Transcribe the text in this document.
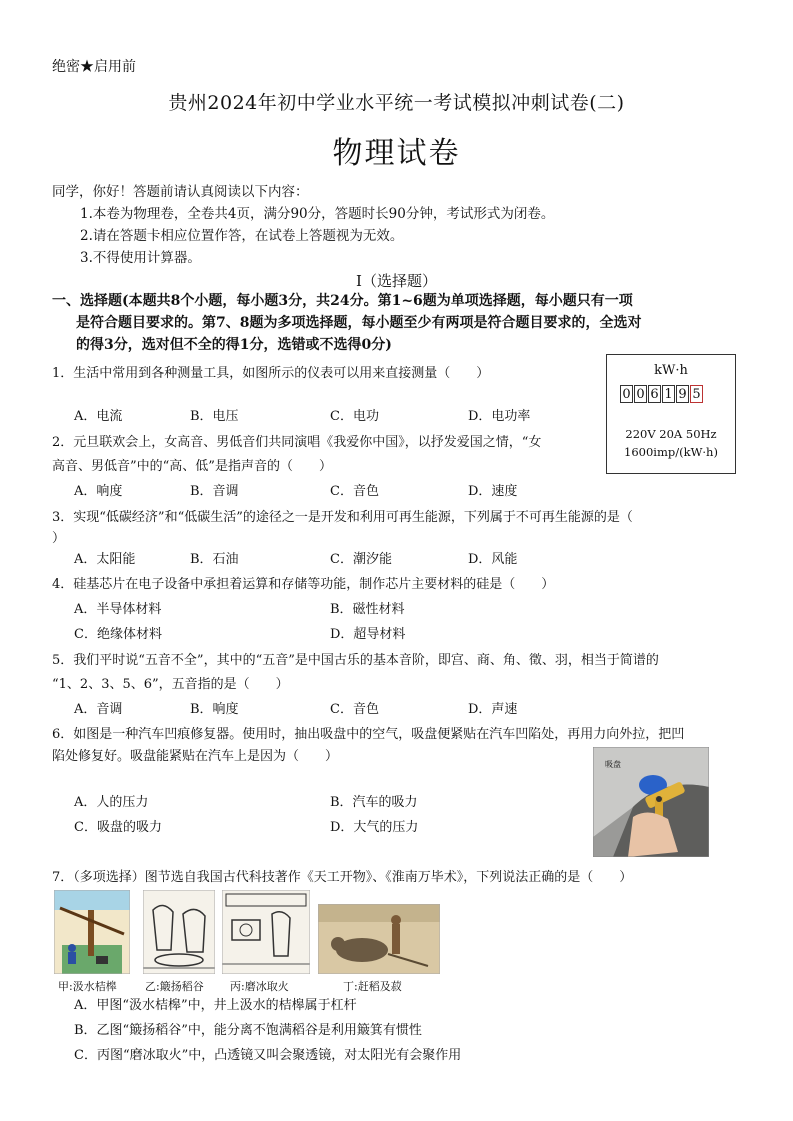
绝密★启用前
贵州2024年初中学业水平统一考试模拟冲刺试卷(二)
物理试卷
同学，你好！答题前请认真阅读以下内容：
1.本卷为物理卷，全卷共4页，满分90分，答题时长90分钟，考试形式为闭卷。
2.请在答题卡相应位置作答，在试卷上答题视为无效。
3.不得使用计算器。
Ⅰ（选择题）
一、选择题(本题共8个小题，每小题3分，共24分。第1~6题为单项选择题，每小题只有一项
是符合题目要求的。第7、8题为多项选择题，每小题至少有两项是符合题目要求的，全选对
的得3分，选对但不全的得1分，选错或不选得0分)
kW·h
0 0 6 1 9 5
220V 20A 50Hz
1600imp/(kW·h)
1．生活中常用到各种测量工具，如图所示的仪表可以用来直接测量（　　）
A．电流	B．电压	C．电功	D．电功率
2．元旦联欢会上，女高音、男低音们共同演唱《我爱你中国》，以抒发爱国之情，“女
高音、男低音”中的“高、低”是指声音的（　　）
A．响度	B．音调	C．音色	D．速度
3．实现“低碳经济”和“低碳生活”的途径之一是开发和利用可再生能源，下列属于不可再生能源的是（
）
A．太阳能	B．石油	C．潮汐能	D．风能
4．硅基芯片在电子设备中承担着运算和存储等功能，制作芯片主要材料的硅是（　　）
A．半导体材料	B．磁性材料
C．绝缘体材料	D．超导材料
5．我们平时说“五音不全”，其中的“五音”是中国古乐的基本音阶，即宫、商、角、徵、羽，相当于简谱的
“1、2、3、5、6”，五音指的是（　　）
A．音调	B．响度	C．音色	D．声速
6．如图是一种汽车凹痕修复器。使用时，抽出吸盘中的空气，吸盘便紧贴在汽车凹陷处，再用力向外拉，把凹
陷处修复好。吸盘能紧贴在汽车上是因为（　　）
A．人的压力	B．汽车的吸力
C．吸盘的吸力	D．大气的压力
吸盘
7．（多项选择）图节选自我国古代科技著作《天工开物》、《淮南万毕术》，下列说法正确的是（　　）
甲:汲水桔槔	乙:簸扬稻谷 丙:磨冰取火	丁:赶稻及菽
A．甲图“汲水桔槔”中，井上汲水的桔槔属于杠杆
B．乙图“簸扬稻谷”中，能分离不饱满稻谷是利用簸箕有惯性
C．丙图“磨冰取火”中，凸透镜又叫会聚透镜，对太阳光有会聚作用
